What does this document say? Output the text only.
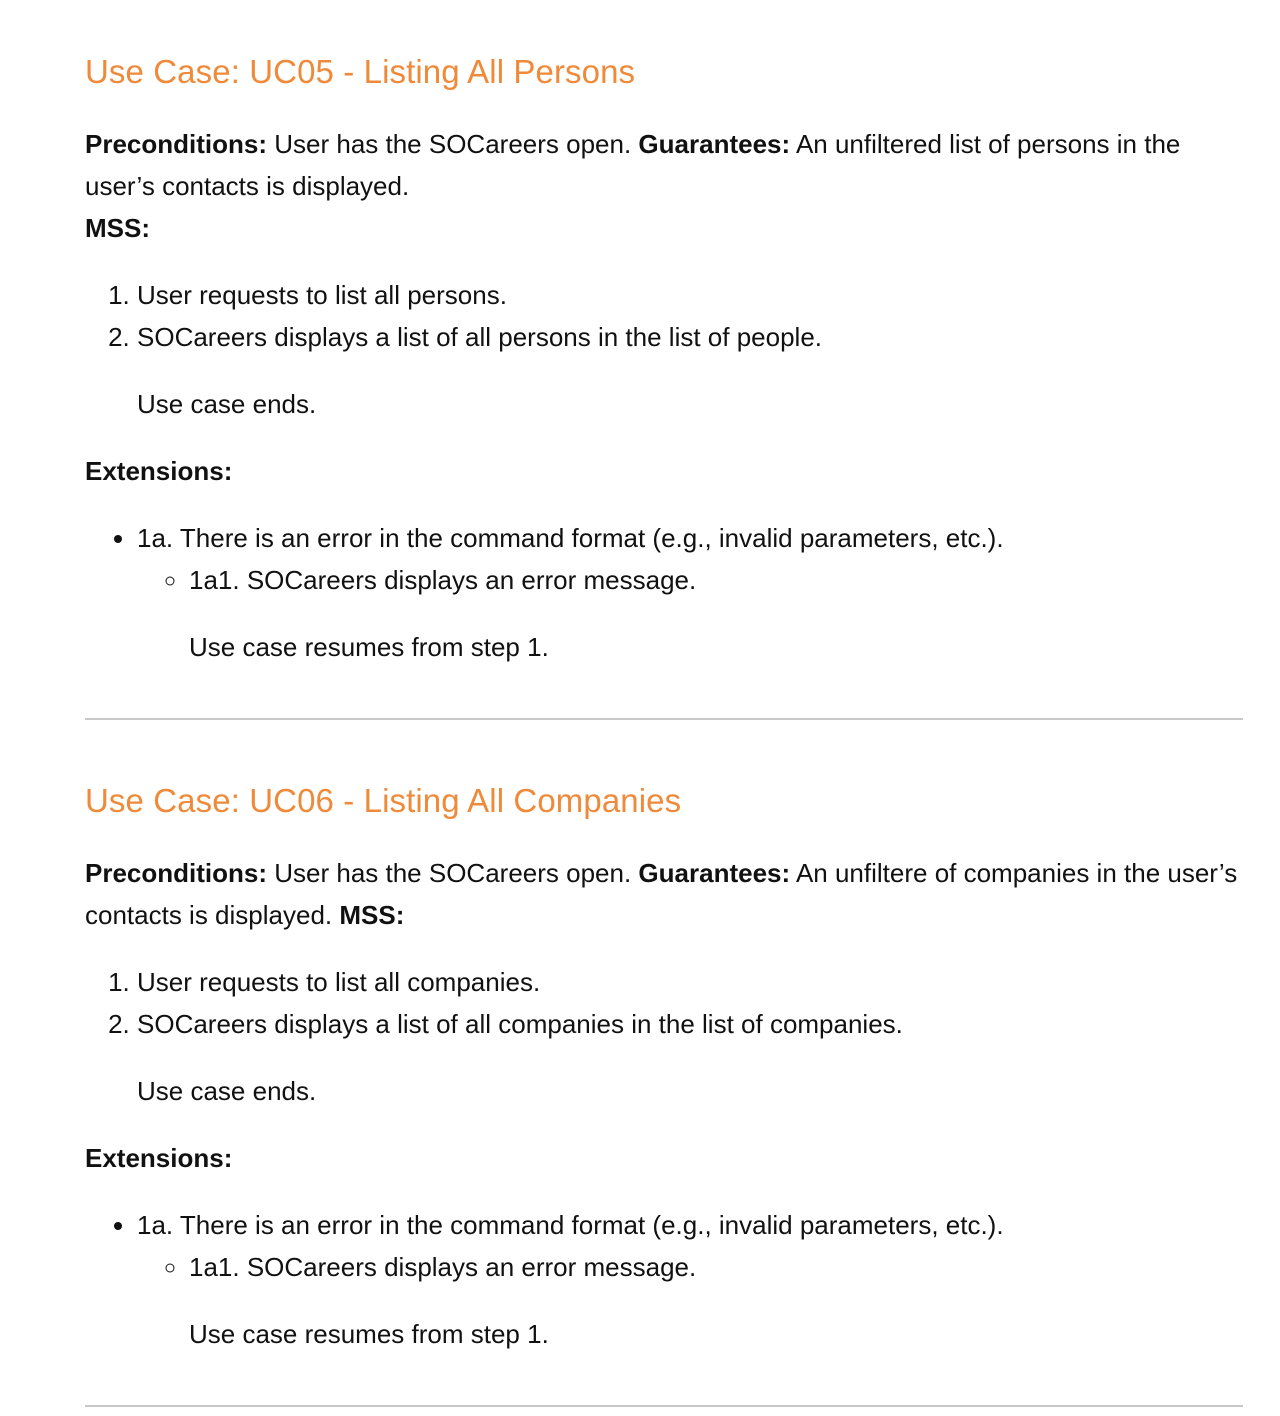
Use Case: UC05 - Listing All Persons

Preconditions: User has the SOCareers open. Guarantees: An unfiltered list of persons in the user’s contacts is displayed.

MSS:

1. User requests to list all persons.
2. SOCareers displays a list of all persons in the list of people.

Use case ends.

Extensions:

• 1a. There is an error in the command format (e.g., invalid parameters, etc.).
◦ 1a1. SOCareers displays an error message.

Use case resumes from step 1.

Use Case: UC06 - Listing All Companies

Preconditions: User has the SOCareers open. Guarantees: An unfiltere of companies in the user’s contacts is displayed. MSS:

1. User requests to list all companies.
2. SOCareers displays a list of all companies in the list of companies.

Use case ends.

Extensions:

• 1a. There is an error in the command format (e.g., invalid parameters, etc.).
◦ 1a1. SOCareers displays an error message.

Use case resumes from step 1.
